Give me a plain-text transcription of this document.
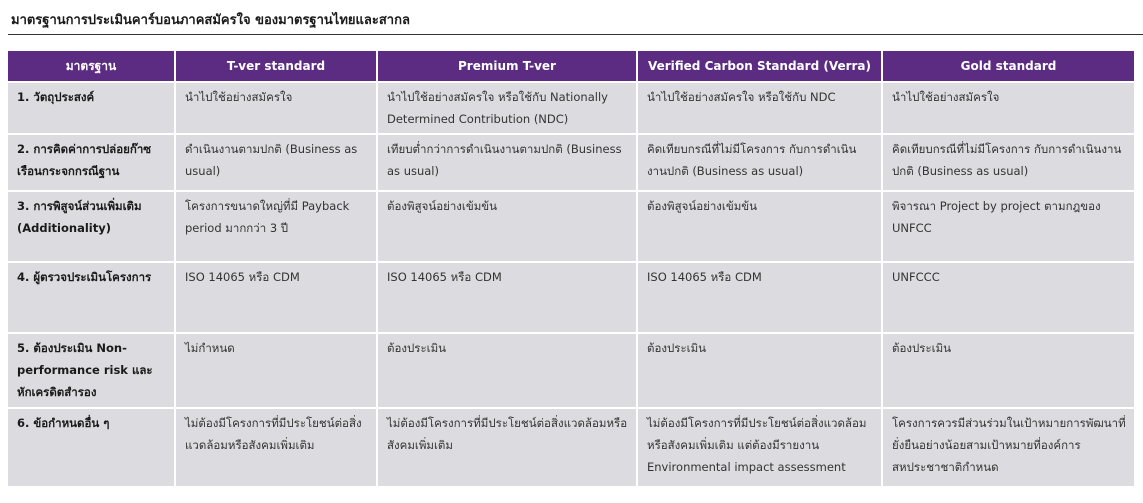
มาตรฐานการประเมินคาร์บอนภาคสมัครใจ ของมาตรฐานไทยและสากล
มาตรฐาน	T-ver standard	Premium T-ver	Verified Carbon Standard (Verra)	Gold standard

1. วัตถุประสงค์	นำไปใช้อย่างสมัครใจ	นำไปใช้อย่างสมัครใจ หรือใช้กับ Nationally Determined Contribution (NDC)	นำไปใช้อย่างสมัครใจ หรือใช้กับ NDC	นำไปใช้อย่างสมัครใจ

2. การคิดค่าการปล่อยก๊าซเรือนกระจกกรณีฐาน	ดำเนินงานตามปกติ (Business as usual)	เทียบต่ำกว่าการดำเนินงานตามปกติ (Business as usual)	คิดเทียบกรณีที่ไม่มีโครงการ กับการดำเนินงานปกติ (Business as usual)	คิดเทียบกรณีที่ไม่มีโครงการ กับการดำเนินงานปกติ (Business as usual)

3. การพิสูจน์ส่วนเพิ่มเติม (Additionality)	โครงการขนาดใหญ่ที่มี Payback period มากกว่า 3 ปี	ต้องพิสูจน์อย่างเข้มข้น	ต้องพิสูจน์อย่างเข้มข้น	พิจารณา Project by project ตามกฎของ UNFCC

4. ผู้ตรวจประเมินโครงการ	ISO 14065 หรือ CDM	ISO 14065 หรือ CDM	ISO 14065 หรือ CDM	UNFCCC

5. ต้องประเมิน Non-performance risk และหักเครดิตสำรอง	ไม่กำหนด	ต้องประเมิน	ต้องประเมิน	ต้องประเมิน

6. ข้อกำหนดอื่น ๆ	ไม่ต้องมีโครงการที่มีประโยชน์ต่อสิ่งแวดล้อมหรือสังคมเพิ่มเติม	ไม่ต้องมีโครงการที่มีประโยชน์ต่อสิ่งแวดล้อมหรือสังคมเพิ่มเติม	ไม่ต้องมีโครงการที่มีประโยชน์ต่อสิ่งแวดล้อมหรือสังคมเพิ่มเติม แต่ต้องมีรายงาน Environmental impact assessment	โครงการควรมีส่วนร่วมในเป้าหมายการพัฒนาที่ยั่งยืนอย่างน้อยสามเป้าหมายที่องค์การสหประชาชาติกำหนด
